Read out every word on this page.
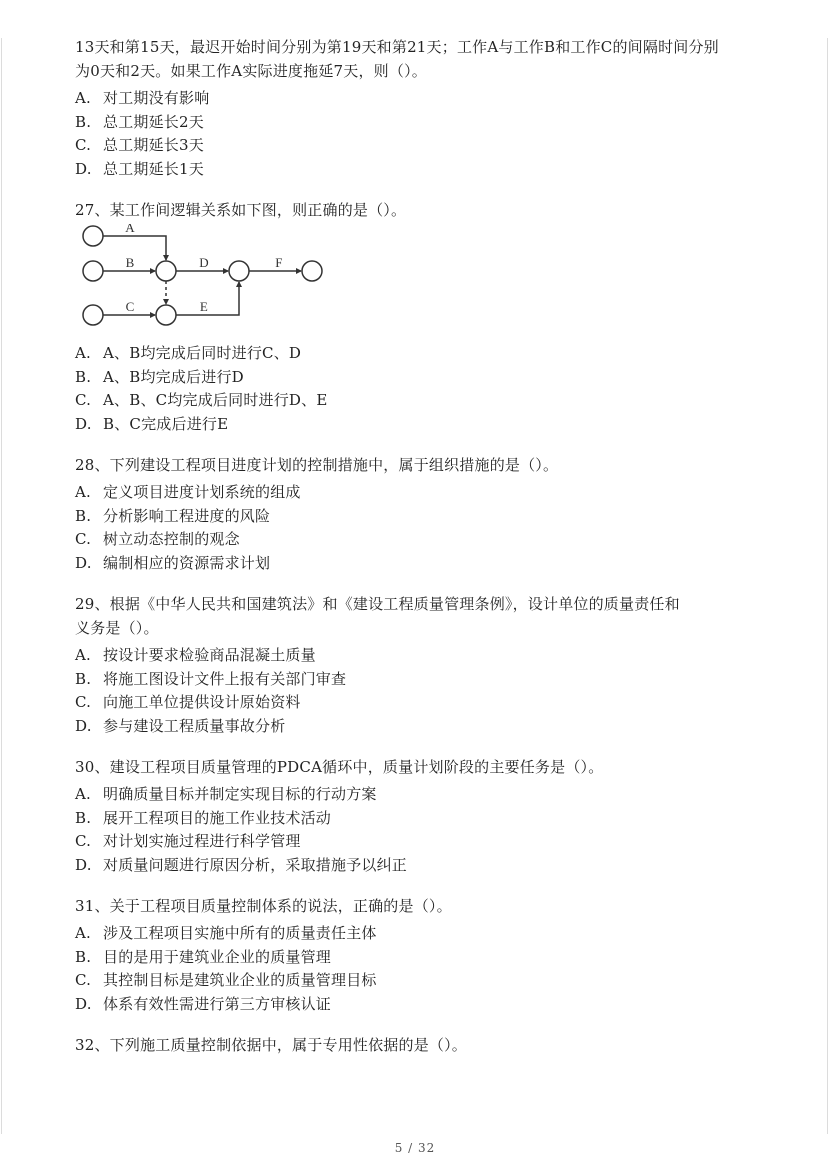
13天和第15天，最迟开始时间分别为第19天和第21天；工作A与工作B和工作C的间隔时间分别
为0天和2天。如果工作A实际进度拖延7天，则（）。

A. 对工期没有影响
B. 总工期延长2天
C. 总工期延长3天
D. 总工期延长1天

27、某工作间逻辑关系如下图，则正确的是（）。

A
B	D	F
C	E
A. A、B均完成后同时进行C、D
B. A、B均完成后进行D
C. A、B、C均完成后同时进行D、E
D. B、C完成后进行E

28、下列建设工程项目进度计划的控制措施中，属于组织措施的是（）。

A. 定义项目进度计划系统的组成
B. 分析影响工程进度的风险
C. 树立动态控制的观念
D. 编制相应的资源需求计划

29、根据《中华人民共和国建筑法》和《建设工程质量管理条例》，设计单位的质量责任和
义务是（）。

A. 按设计要求检验商品混凝土质量
B. 将施工图设计文件上报有关部门审查
C. 向施工单位提供设计原始资料
D. 参与建设工程质量事故分析

30、建设工程项目质量管理的PDCA循环中，质量计划阶段的主要任务是（）。

A. 明确质量目标并制定实现目标的行动方案
B. 展开工程项目的施工作业技术活动
C. 对计划实施过程进行科学管理
D. 对质量问题进行原因分析，采取措施予以纠正

31、关于工程项目质量控制体系的说法，正确的是（）。

A. 涉及工程项目实施中所有的质量责任主体
B. 目的是用于建筑业企业的质量管理
C. 其控制目标是建筑业企业的质量管理目标
D. 体系有效性需进行第三方审核认证

32、下列施工质量控制依据中，属于专用性依据的是（）。

5 / 32
